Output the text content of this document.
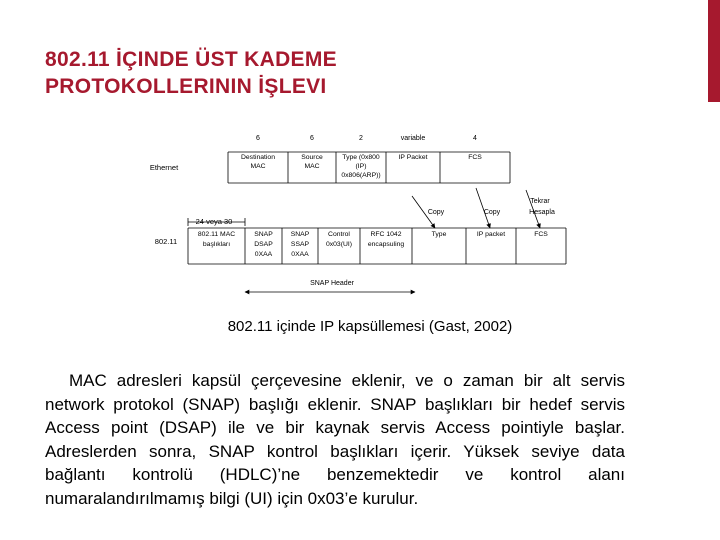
802.11 İÇINDE ÜST KADEME
PROTOKOLLERININ İŞLEVI
Ethernet
6
Destination
MAC
6
Source
MAC
2
Type (0x800
(IP)
0x806(ARP))
variable
IP Packet
4
FCS
802.11
802.11 MAC
başlıkları
SNAP
DSAP
0XAA
SNAP
SSAP
0XAA
Control
0x03(UI)
RFC 1042
encapsuling
Type	IP packet	FCS
24 veya 30
Copy	Copy
Tekrar
Hesapla
SNAP Header
802.11 içinde IP kapsüllemesi (Gast, 2002)

MAC adresleri kapsül çerçevesine eklenir, ve o zaman bir alt servis network protokol (SNAP) başlığı eklenir. SNAP başlıkları bir hedef servis Access point (DSAP) ile ve bir kaynak servis Access pointiyle başlar. Adreslerden sonra, SNAP kontrol başlıkları içerir. Yüksek seviye data bağlantı kontrolü (HDLC)’ne benzemektedir ve kontrol alanı numaralandırılmamış bilgi (UI) için 0x03’e kurulur.
